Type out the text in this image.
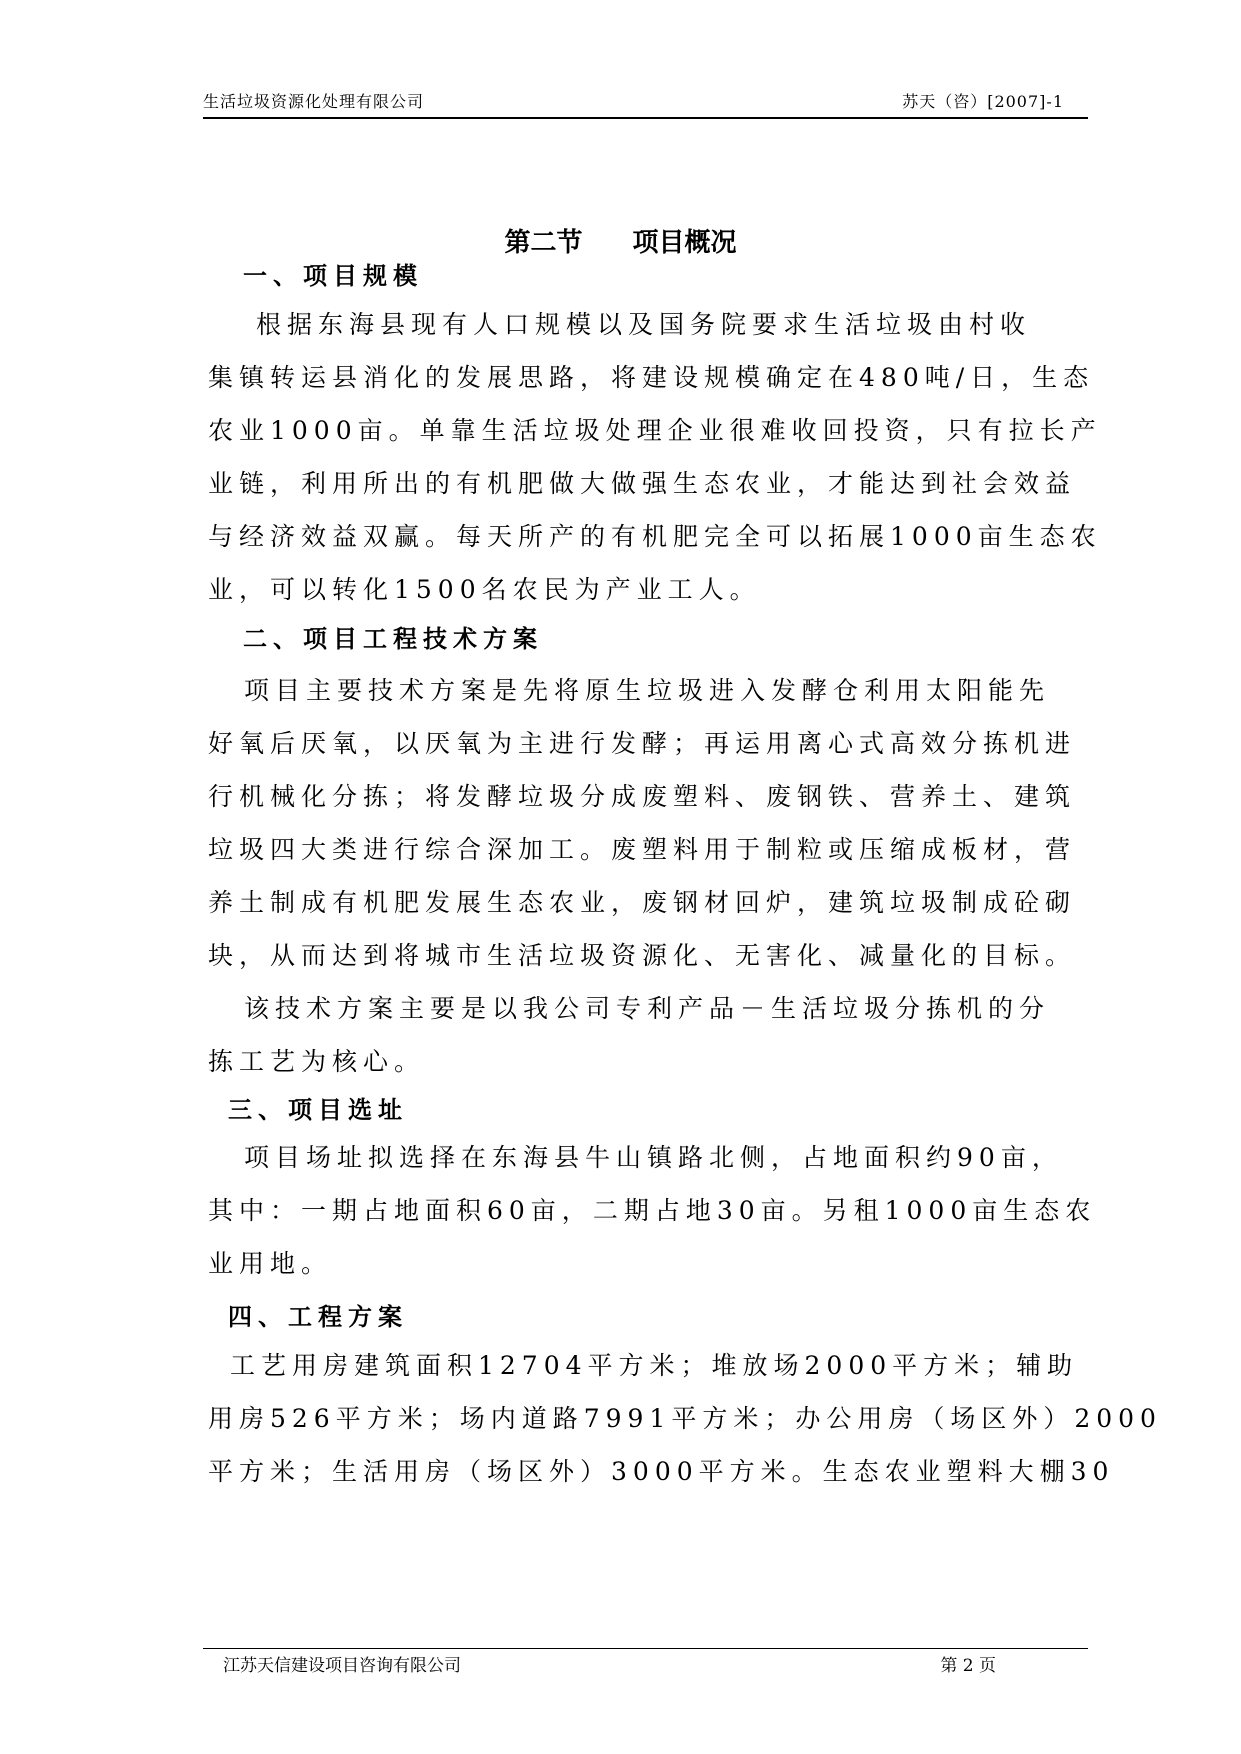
生活垃圾资源化处理有限公司	苏天（咨）[2007]-1
第二节 项目概况
一、项目规模
根据东海县现有人口规模以及国务院要求生活垃圾由村收
集镇转运县消化的发展思路，将建设规模确定在480吨/日，生态
农业1000亩。单靠生活垃圾处理企业很难收回投资，只有拉长产
业链，利用所出的有机肥做大做强生态农业，才能达到社会效益
与经济效益双赢。每天所产的有机肥完全可以拓展1000亩生态农
业，可以转化1500名农民为产业工人。
二、项目工程技术方案
项目主要技术方案是先将原生垃圾进入发酵仓利用太阳能先
好氧后厌氧，以厌氧为主进行发酵；再运用离心式高效分拣机进
行机械化分拣；将发酵垃圾分成废塑料、废钢铁、营养土、建筑
垃圾四大类进行综合深加工。废塑料用于制粒或压缩成板材，营
养土制成有机肥发展生态农业，废钢材回炉，建筑垃圾制成砼砌
块，从而达到将城市生活垃圾资源化、无害化、减量化的目标。
该技术方案主要是以我公司专利产品－生活垃圾分拣机的分
拣工艺为核心。
三、项目选址
项目场址拟选择在东海县牛山镇路北侧，占地面积约90亩，
其中：一期占地面积60亩，二期占地30亩。另租1000亩生态农
业用地。
四、工程方案
工艺用房建筑面积12704平方米；堆放场2000平方米；辅助
用房526平方米；场内道路7991平方米；办公用房（场区外）2000
平方米；生活用房（场区外）3000平方米。生态农业塑料大棚30
江苏天信建设项目咨询有限公司	第 2 页
